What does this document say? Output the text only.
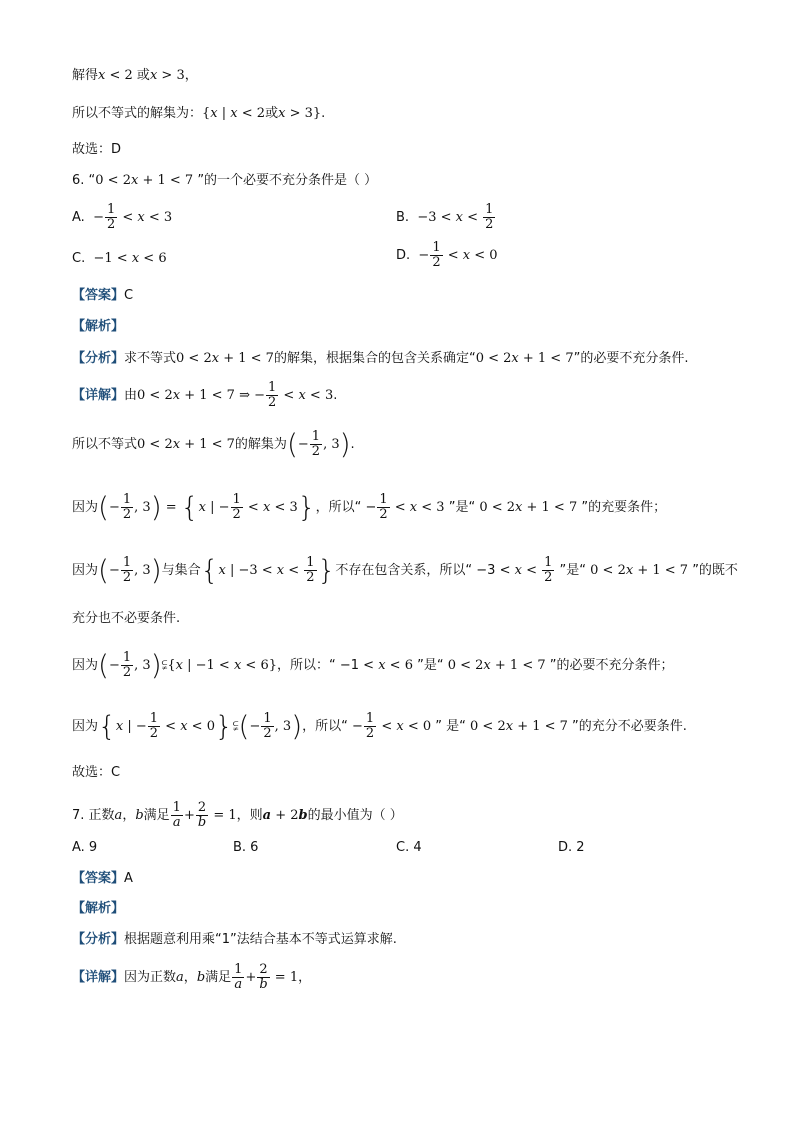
解得x < 2 或x > 3，
所以不等式的解集为：{x | x < 2或x > 3}.
故选：D
6. “0 < 2x + 1 < 7 ”的一个必要不充分条件是（ ）
A. − $\frac{1}{2} < x < 3$	B. $-3 < x < \frac{1}{2}$
C. −1 < x < 6	D. − $\frac{1}{2} < x < 0$
【答案】C
【解析】
【分析】求不等式0 < 2x + 1 < 7的解集，根据集合的包含关系确定“0 < 2x + 1 < 7”的必要不充分条件.
【详解】由0 < 2x + 1 < 7 ⇒ − $\frac{1}{2} < x < 3$.
所以不等式0 < 2x + 1 < 7的解集为(− $\frac{1}{2}$ , 3).
因为(− $\frac{1}{2}$ , 3) = {x | − $\frac{1}{2} < x < 3$}，所以“ − $\frac{1}{2} < x < 3$ ”是“ 0 < 2x + 1 < 7 ”的充要条件；
因为(− $\frac{1}{2}$ , 3)与集合{x | $-3 < x < \frac{1}{2}$ }不存在包含关系，所以“ $-3 < x < \frac{1}{2}$ ”是“ 0 < 2x + 1 < 7 ”的既不
充分也不必要条件.
因为(− $\frac{1}{2}$ , 3)⫋{x | −1 < x < 6}，所以：“ −1 < x < 6 ”是“ 0 < 2x + 1 < 7 ”的必要不充分条件；
因为{x | − $\frac{1}{2} < x$ < 0}⫋(− $\frac{1}{2}$ , 3)，所以“ − $\frac{1}{2} < x < 0$ ” 是“ 0 < 2x + 1 < 7 ”的充分不必要条件.
故选：C
7. 正数a，b满足 $\frac{1}{a} + \frac{2}{b} = 1$，则a + 2b的最小值为（ ）
A. 9	B. 6	C. 4	D. 2
【答案】A
【解析】
【分析】根据题意利用乘“1”法结合基本不等式运算求解.
【详解】因为正数a，b满足 $\frac{1}{a} + \frac{2}{b} = 1$，
